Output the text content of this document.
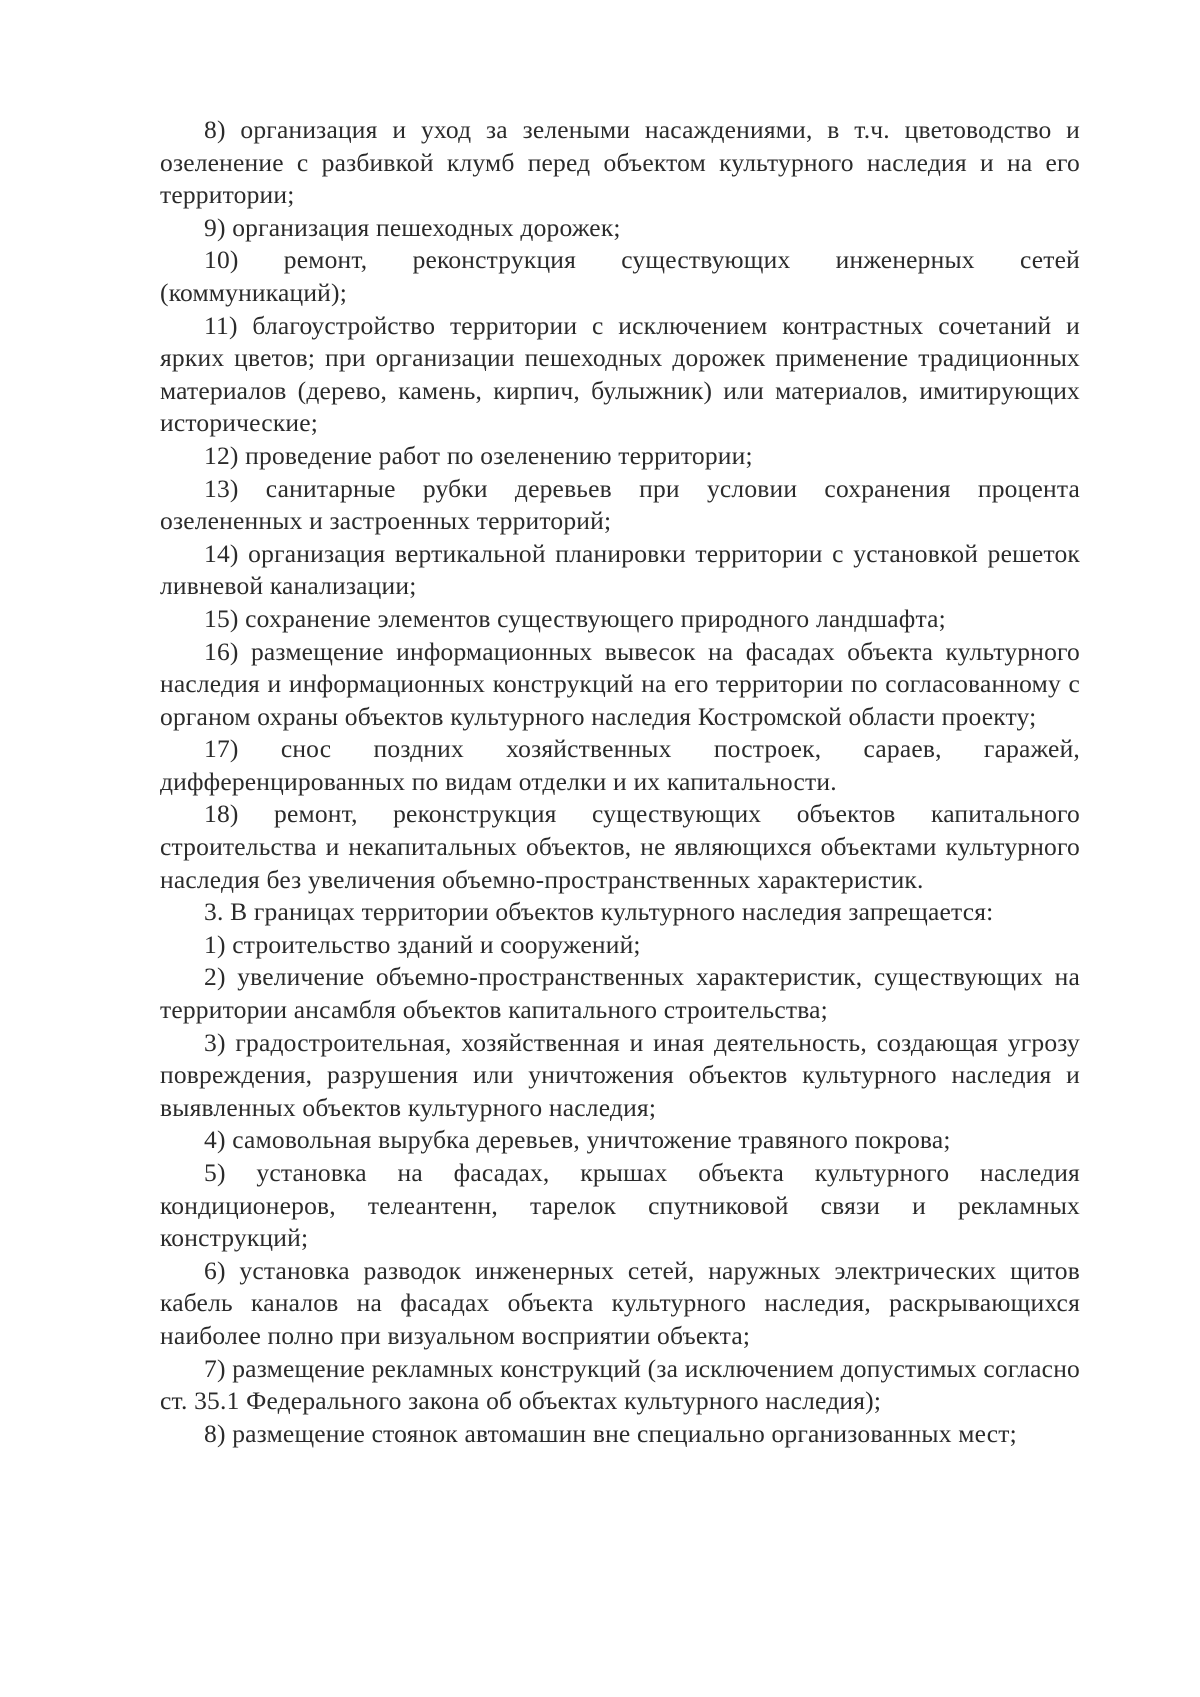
8) организация и уход за зелеными насаждениями, в т.ч. цветоводство и озеленение с разбивкой клумб перед объектом культурного наследия и на его территории;

9) организация пешеходных дорожек;

10) ремонт, реконструкция существующих инженерных сетей (коммуникаций);

11) благоустройство территории с исключением контрастных сочетаний и ярких цветов; при организации пешеходных дорожек применение традиционных материалов (дерево, камень, кирпич, булыжник) или материалов, имитирующих исторические;

12) проведение работ по озеленению территории;

13) санитарные рубки деревьев при условии сохранения процента озелененных и застроенных территорий;

14) организация вертикальной планировки территории с установкой решеток ливневой канализации;

15) сохранение элементов существующего природного ландшафта;

16) размещение информационных вывесок на фасадах объекта культурного наследия и информационных конструкций на его территории по согласованному с органом охраны объектов культурного наследия Костромской области проекту;

17) снос поздних хозяйственных построек, сараев, гаражей, дифференцированных по видам отделки и их капитальности.

18) ремонт, реконструкция существующих объектов капитального строительства и некапитальных объектов, не являющихся объектами культурного наследия без увеличения объемно-пространственных характеристик.

3. В границах территории объектов культурного наследия запрещается:

1) строительство зданий и сооружений;

2) увеличение объемно-пространственных характеристик, существующих на территории ансамбля объектов капитального строительства;

3) градостроительная, хозяйственная и иная деятельность, создающая угрозу повреждения, разрушения или уничтожения объектов культурного наследия и выявленных объектов культурного наследия;

4) самовольная вырубка деревьев, уничтожение травяного покрова;

5) установка на фасадах, крышах объекта культурного наследия кондиционеров, телеантенн, тарелок спутниковой связи и рекламных конструкций;

6) установка разводок инженерных сетей, наружных электрических щитов кабель каналов на фасадах объекта культурного наследия, раскрывающихся наиболее полно при визуальном восприятии объекта;

7) размещение рекламных конструкций (за исключением допустимых согласно ст. 35.1 Федерального закона об объектах культурного наследия);

8) размещение стоянок автомашин вне специально организованных мест;
